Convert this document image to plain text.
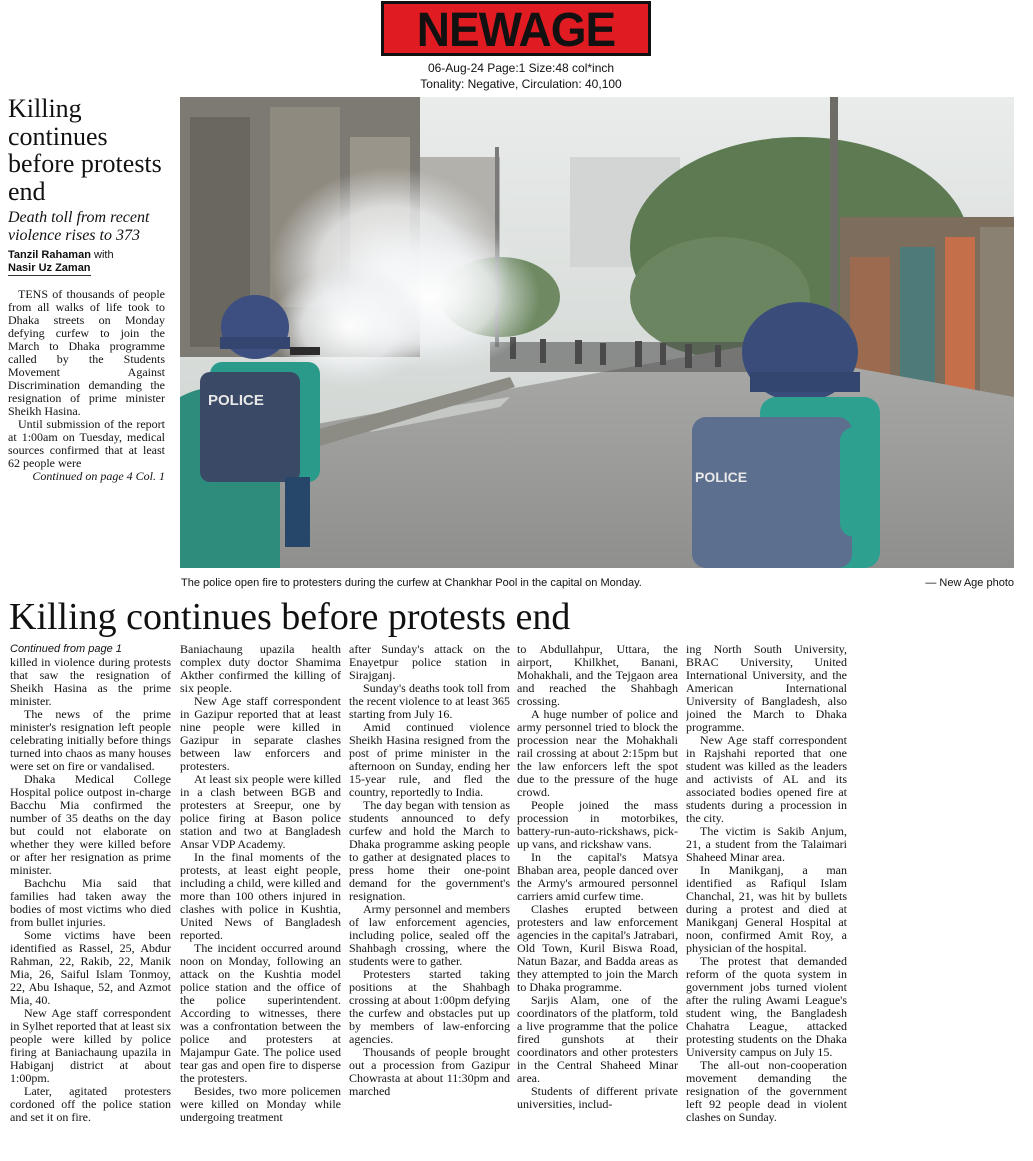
NEWAGE
06-Aug-24 Page:1 Size:48 col*inch
Tonality: Negative, Circulation: 40,100
Killing continues before protests end
Death toll from recent violence rises to 373
Tanzil Rahaman with
Nasir Uz Zaman

TENS of thousands of people from all walks of life took to Dhaka streets on Monday defying curfew to join the March to Dhaka programme called by the Students Movement Against Discrimination demanding the resignation of prime minister Sheikh Hasina.

Until submission of the report at 1:00am on Tuesday, medical sources confirmed that at least 62 people were

Continued on page 4 Col. 1

POLICE
POLICE
The police open fire to protesters during the curfew at Chankhar Pool in the capital on Monday.	— New Age photo
Killing continues before protests end
Continued from page 1

killed in violence during protests that saw the resignation of Sheikh Hasina as the prime minister.

The news of the prime minister's resignation left people celebrating initially before things turned into chaos as many houses were set on fire or vandalised.

Dhaka Medical College Hospital police outpost in-charge Bacchu Mia confirmed the number of 35 deaths on the day but could not elaborate on whether they were killed before or after her resignation as prime minister.

Bachchu Mia said that families had taken away the bodies of most victims who died from bullet injuries.

Some victims have been identified as Rassel, 25, Abdur Rahman, 22, Rakib, 22, Manik Mia, 26, Saiful Islam Tonmoy, 22, Abu Ishaque, 52, and Azmot Mia, 40.

New Age staff correspondent in Sylhet reported that at least six people were killed by police firing at Baniachaung upazila in Habiganj district at about 1:00pm.

Later, agitated protesters cordoned off the police station and set it on fire.

Baniachaung upazila health complex duty doctor Shamima Akther confirmed the killing of six people.

New Age staff correspondent in Gazipur reported that at least nine people were killed in Gazipur in separate clashes between law enforcers and protesters.

At least six people were killed in a clash between BGB and protesters at Sreepur, one by police firing at Bason police station and two at Bangladesh Ansar VDP Academy.

In the final moments of the protests, at least eight people, including a child, were killed and more than 100 others injured in clashes with police in Kushtia, United News of Bangladesh reported.

The incident occurred around noon on Monday, following an attack on the Kushtia model police station and the office of the police superintendent. According to witnesses, there was a confrontation between the police and protesters at Majampur Gate. The police used tear gas and open fire to disperse the protesters.

Besides, two more policemen were killed on Monday while undergoing treatment

after Sunday's attack on the Enayetpur police station in Sirajganj.

Sunday's deaths took toll from the recent violence to at least 365 starting from July 16.

Amid continued violence Sheikh Hasina resigned from the post of prime minister in the afternoon on Sunday, ending her 15-year rule, and fled the country, reportedly to India.

The day began with tension as students announced to defy curfew and hold the March to Dhaka programme asking people to gather at designated places to press home their one-point demand for the government's resignation.

Army personnel and members of law enforcement agencies, including police, sealed off the Shahbagh crossing, where the students were to gather.

Protesters started taking positions at the Shahbagh crossing at about 1:00pm defying the curfew and obstacles put up by members of law-enforcing agencies.

Thousands of people brought out a procession from Gazipur Chowrasta at about 11:30pm and marched

to Abdullahpur, Uttara, the airport, Khilkhet, Banani, Mohakhali, and the Tejgaon area and reached the Shahbagh crossing.

A huge number of police and army personnel tried to block the procession near the Mohakhali rail crossing at about 2:15pm but the law enforcers left the spot due to the pressure of the huge crowd.

People joined the mass procession in motorbikes, battery-run-auto-rickshaws, pick-up vans, and rickshaw vans.

In the capital's Matsya Bhaban area, people danced over the Army's armoured personnel carriers amid curfew time.

Clashes erupted between protesters and law enforcement agencies in the capital's Jatrabari, Old Town, Kuril Biswa Road, Natun Bazar, and Badda areas as they attempted to join the March to Dhaka programme.

Sarjis Alam, one of the coordinators of the platform, told a live programme that the police fired gunshots at their coordinators and other protesters in the Central Shaheed Minar area.

Students of different private universities, includ-

ing North South University, BRAC University, United International University, and the American International University of Bangladesh, also joined the March to Dhaka programme.

New Age staff correspondent in Rajshahi reported that one student was killed as the leaders and activists of AL and its associated bodies opened fire at students during a procession in the city.

The victim is Sakib Anjum, 21, a student from the Talaimari Shaheed Minar area.

In Manikganj, a man identified as Rafiqul Islam Chanchal, 21, was hit by bullets during a protest and died at Manikganj General Hospital at noon, confirmed Amit Roy, a physician of the hospital.

The protest that demanded reform of the quota system in government jobs turned violent after the ruling Awami League's student wing, the Bangladesh Chahatra League, attacked protesting students on the Dhaka University campus on July 15.

The all-out non-cooperation movement demanding the resignation of the government left 92 people dead in violent clashes on Sunday.
